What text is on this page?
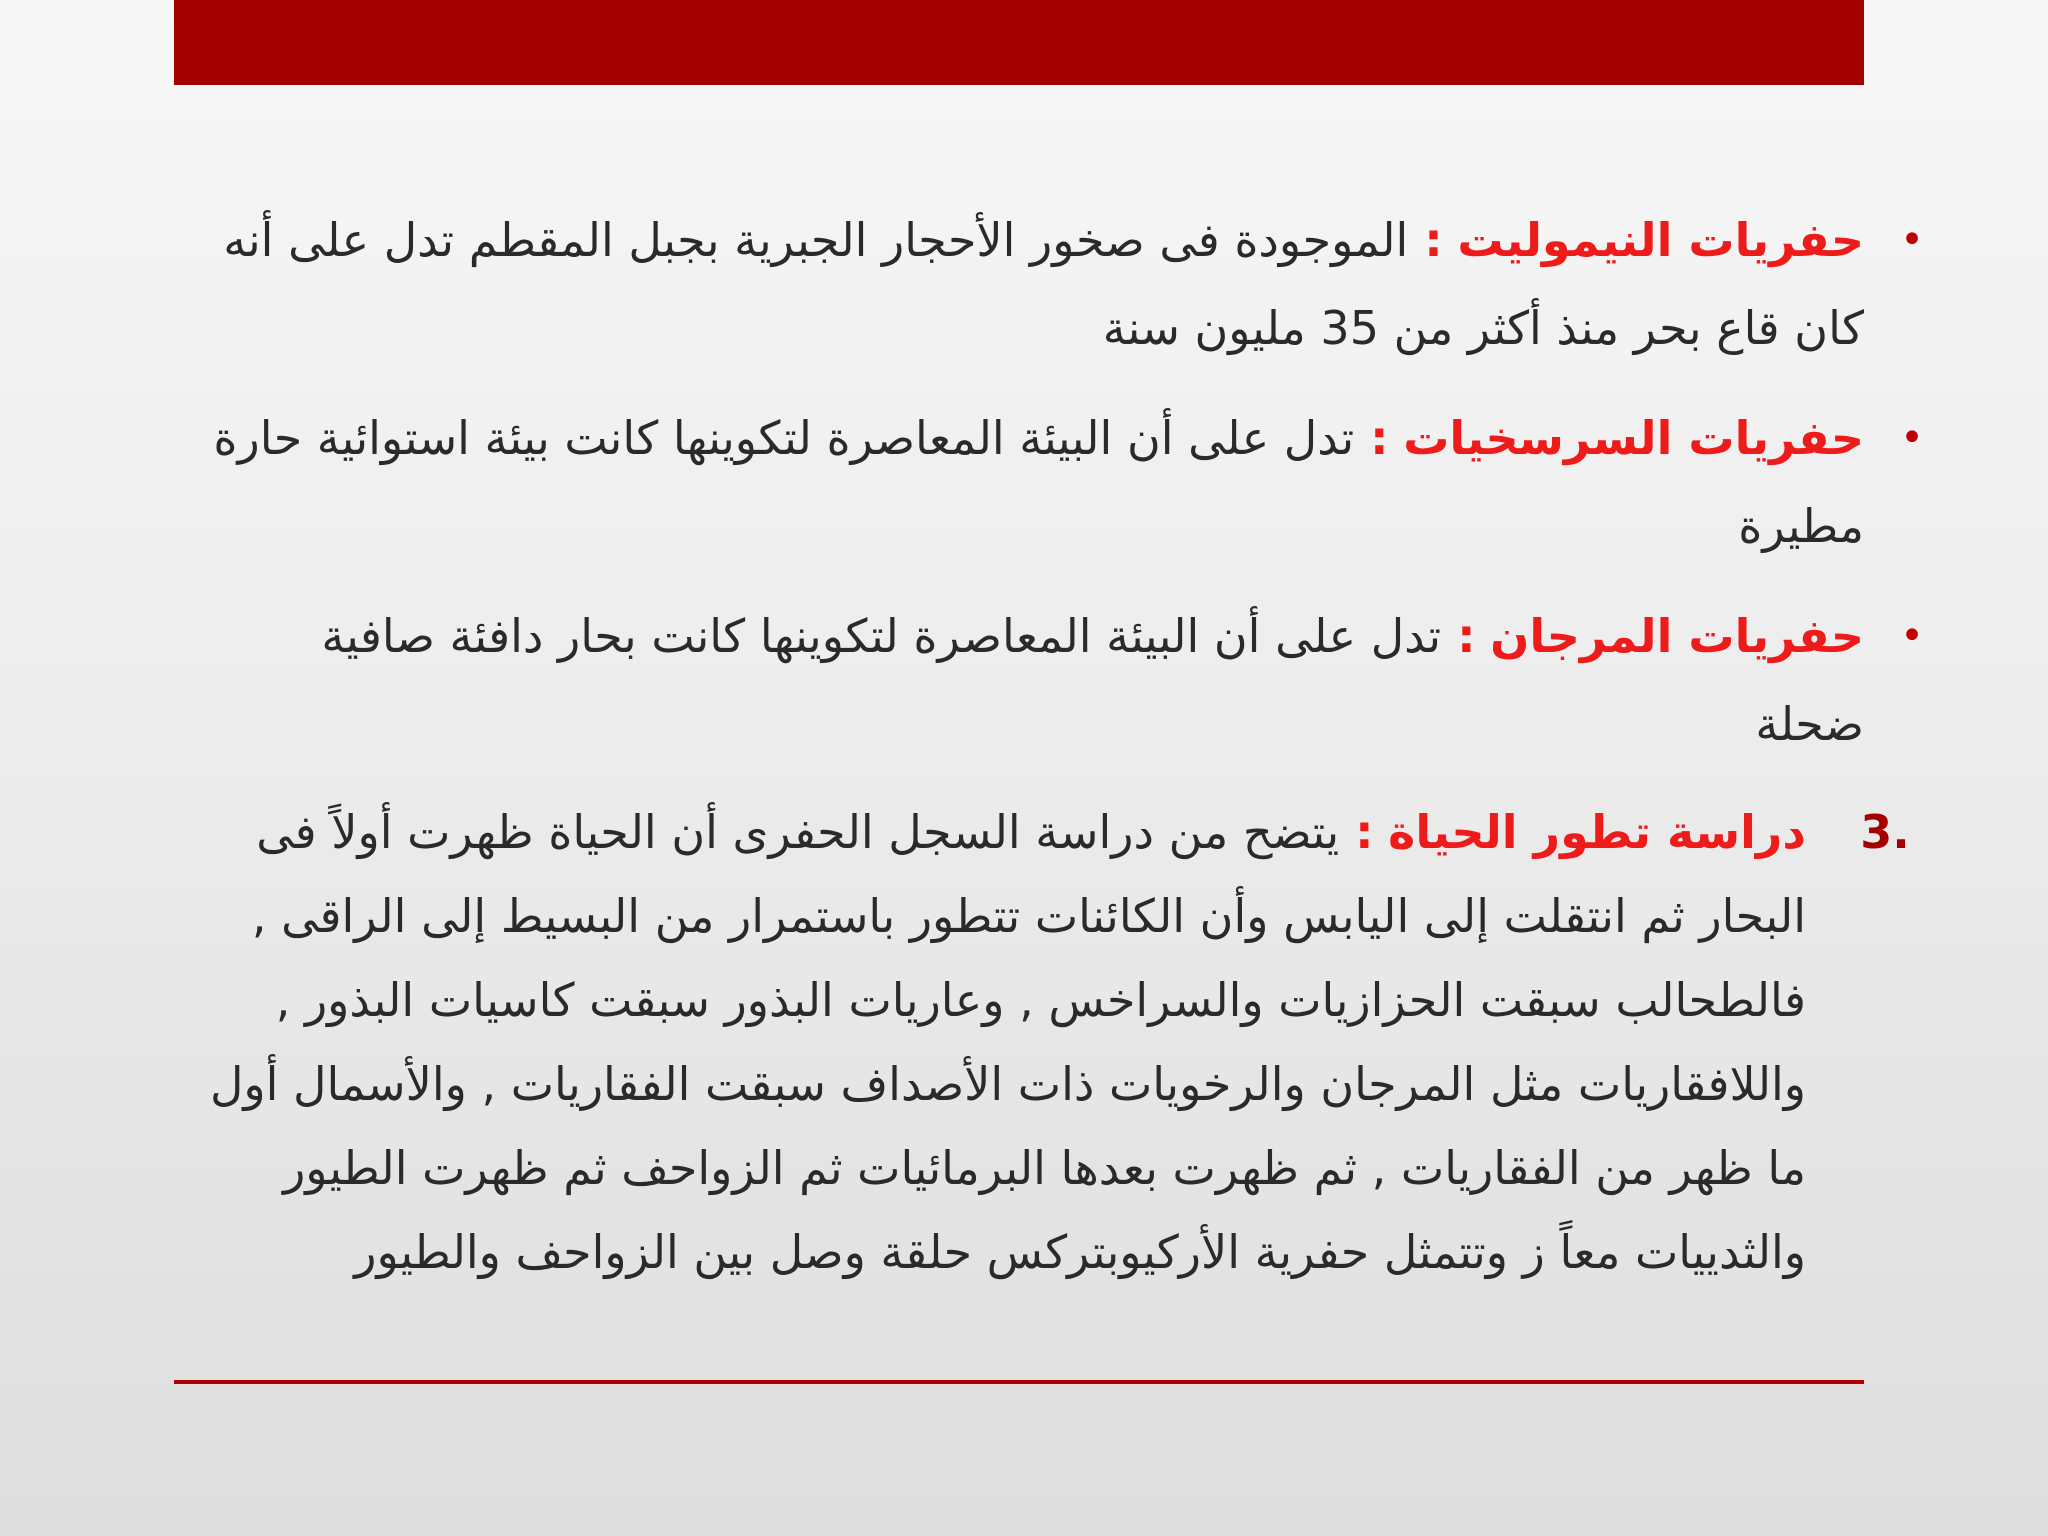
•
حفريات النيموليت : الموجودة فى صخور الأحجار الجبرية بجبل المقطم تدل على أنه كان قاع بحر منذ أكثر من 35 مليون سنة
•
حفريات السرسخيات : تدل على أن البيئة المعاصرة لتكوينها كانت بيئة استوائية حارة مطيرة
•
حفريات المرجان : تدل على أن البيئة المعاصرة لتكوينها كانت بحار دافئة صافية ضحلة
3.
دراسة تطور الحياة : يتضح من دراسة السجل الحفرى أن الحياة ظهرت أولاً فى البحار ثم انتقلت إلى اليابس وأن الكائنات تتطور باستمرار من البسيط إلى الراقى , فالطحالب سبقت الحزازيات والسراخس , وعاريات البذور سبقت كاسيات البذور , واللافقاريات مثل المرجان والرخويات ذات الأصداف سبقت الفقاريات , والأسمال أول ما ظهر من الفقاريات , ثم ظهرت بعدها البرمائيات ثم الزواحف ثم ظهرت الطيور والثدييات معاً ز وتتمثل حفرية الأركيوبتركس حلقة وصل بين الزواحف والطيور
